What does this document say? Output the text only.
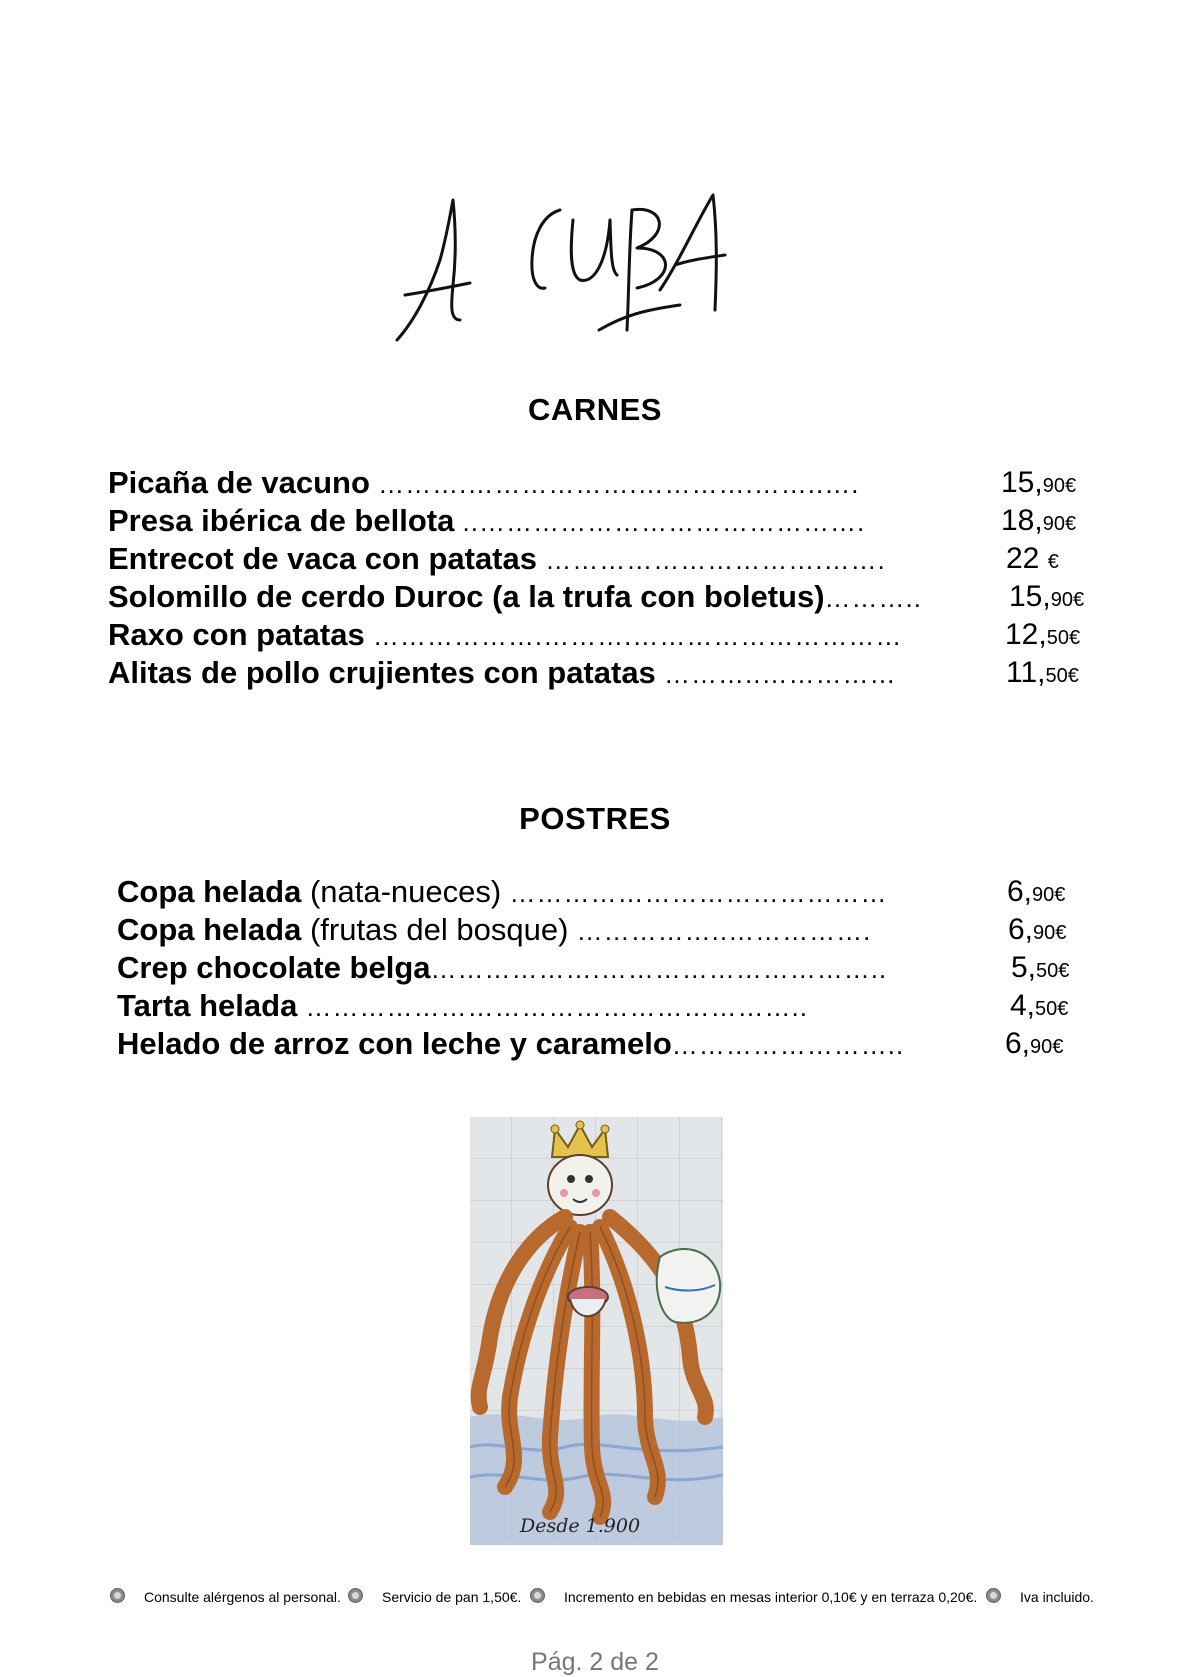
CARNES
Picaña de vacuno ……….……………….………….……..….	15,90€
Presa ibérica de bellota ..…………………………………….	18,90€
Entrecot de vaca con patatas ………………………….…….	22 €
Solomillo de cerdo Duroc (a la trufa con boletus)………..	15,90€
Raxo con patatas ……………….……….…………………………	12,50€
Alitas de pollo crujientes con patatas ………..……………	11,50€
POSTRES
Copa helada (nata-nueces) ……………………………………	6,90€
Copa helada (frutas del bosque) ……………..…………….	6,90€
Crep chocolate belga……………….…………………………..	5,50€
Tarta helada ………………………………………………..	4,50€
Helado de arroz con leche y caramelo……………………..	6,90€
Desde 1.900
Consulte alérgenos al personal.	Servicio de pan 1,50€.	Incremento en bebidas en mesas interior 0,10€ y en terraza 0,20€.	Iva incluido.
Pág. 2 de 2
